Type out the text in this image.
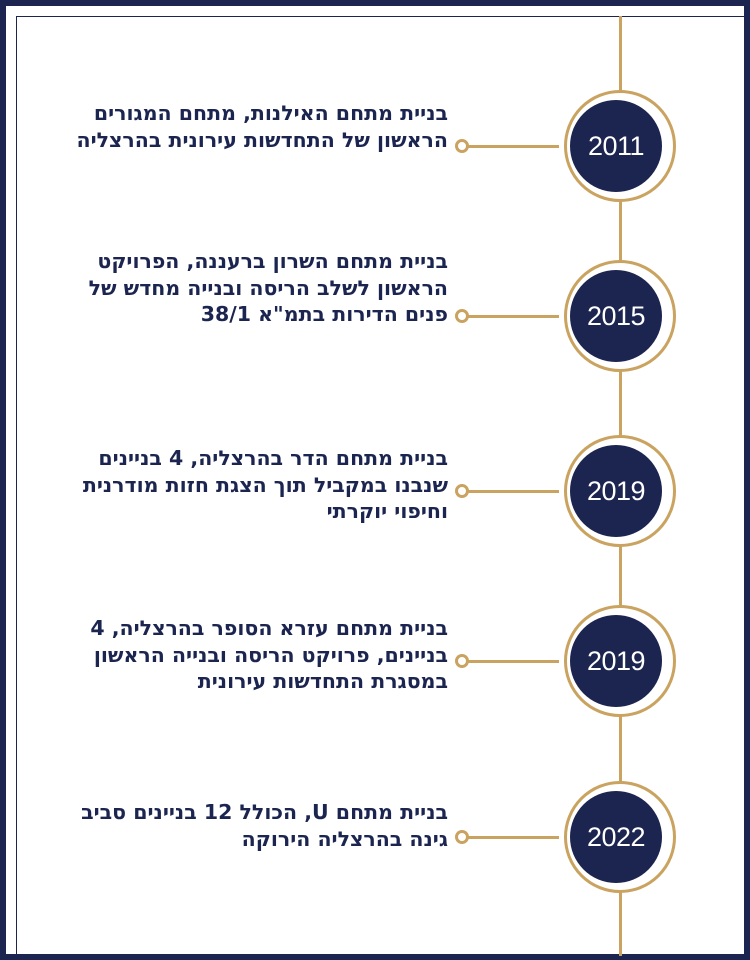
2011

בניית מתחם האילנות, מתחם המגורים הראשון של התחדשות עירונית בהרצליה

2015

בניית מתחם השרון ברעננה, הפרויקט הראשון לשלב הריסה ובנייה מחדש של פנים הדירות בתמ"א 38/1

2019

בניית מתחם הדר בהרצליה, 4 בניינים שנבנו במקביל תוך הצגת חזות מודרנית וחיפוי יוקרתי

2019

בניית מתחם עזרא הסופר בהרצליה, 4 בניינים, פרויקט הריסה ובנייה הראשון במסגרת התחדשות עירונית

2022

בניית מתחם U, הכולל 12 בניינים סביב גינה בהרצליה הירוקה
